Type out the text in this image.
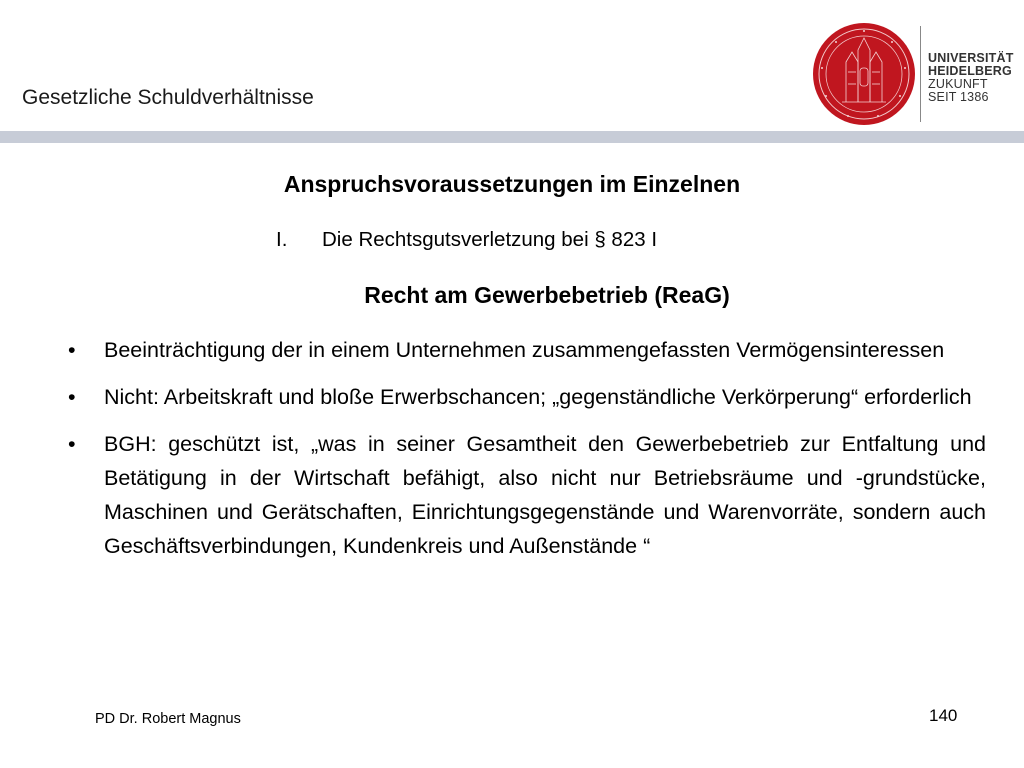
Gesetzliche Schuldverhältnisse
UNIVERSITÄT
HEIDELBERG
ZUKUNFT
SEIT 1386
Anspruchsvoraussetzungen im Einzelnen
I. Die Rechtsgutsverletzung bei § 823 I
Recht am Gewerbebetrieb (ReaG)
• Beeinträchtigung der in einem Unternehmen zusammengefassten Vermögensinteressen
• Nicht: Arbeitskraft und bloße Erwerbschancen; „gegenständliche Verkörperung“ erforderlich
• BGH: geschützt ist, „was in seiner Gesamtheit den Gewerbebetrieb zur Entfaltung und Betätigung in der Wirtschaft befähigt, also nicht nur Betriebsräume und -grundstücke, Maschinen und Gerätschaften, Einrichtungsgegenstände und Warenvorräte, sondern auch Geschäftsverbindungen, Kundenkreis und Außenstände “
PD Dr. Robert Magnus	140
